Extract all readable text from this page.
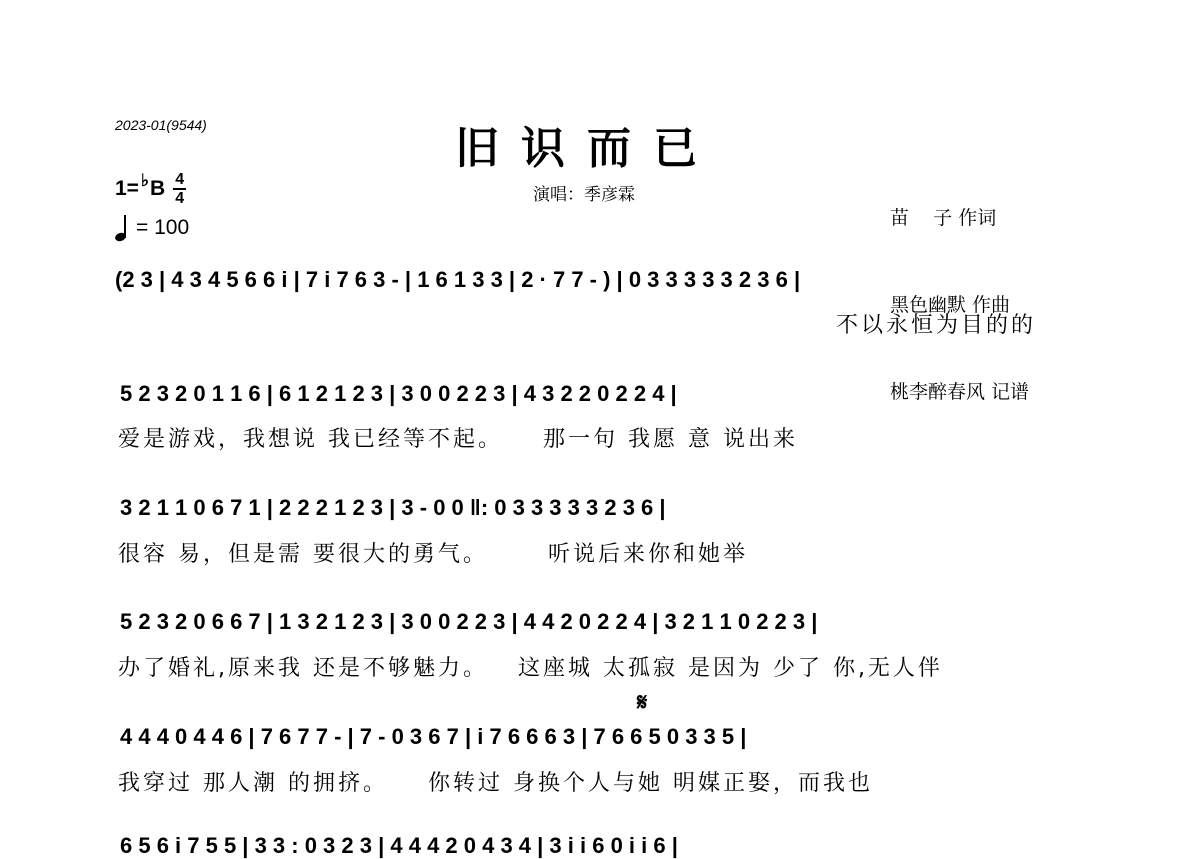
2023-01(9544)	旧识而已
演唱：季彦霖

苗    子 作词

黑色幽默 作曲

桃李醉春风 记谱

1= ♭ B $\frac{4}{4}$
= 100
(2 3 | 4 3 4 5 6 6 i | 7 i 7 6 3 - | 1 6 1 3 3 | 2 · 7 7 - ) | 0 3 3 3 3 3 2 3 6 |
不以永恒为目的的
5 2 3 2 0 1 1 6 | 6 1 2 1 2 3 | 3 0 0 2 2 3 | 4 3 2 2 0 2 2 4 |
爱是游戏，我想说 我已经等不起。    那一句 我愿 意 说出来
3 2 1 1 0 6 7 1 | 2 2 2 1 2 3 | 3 - 0 0 ‖: 0 3 3 3 3 3 2 3 6 |
很容 易，但是需 要很大的勇气。      听说后来你和她举
5 2 3 2 0 6 6 7 | 1 3 2 1 2 3 | 3 0 0 2 2 3 | 4 4 2 0 2 2 4 | 3 2 1 1 0 2 2 3 |
办了婚礼,原来我 还是不够魅力。   这座城 太孤寂 是因为 少了 你,无人伴
𝄋
4 4 4 0 4 4 6 | 7 6 7 7 - | 7 - 0 3 6 7 | i 7 6 6 6 3 | 7 6 6 5 0 3 3 5 |
我穿过 那人潮 的拥挤。    你转过 身换个人与她 明媒正娶，而我也
6 5 6 i 7 5 5 | 3 3 : 0 3 2 3 | 4 4 4 2 0 4 3 4 | 3 i i 6 0 i i 6 |
